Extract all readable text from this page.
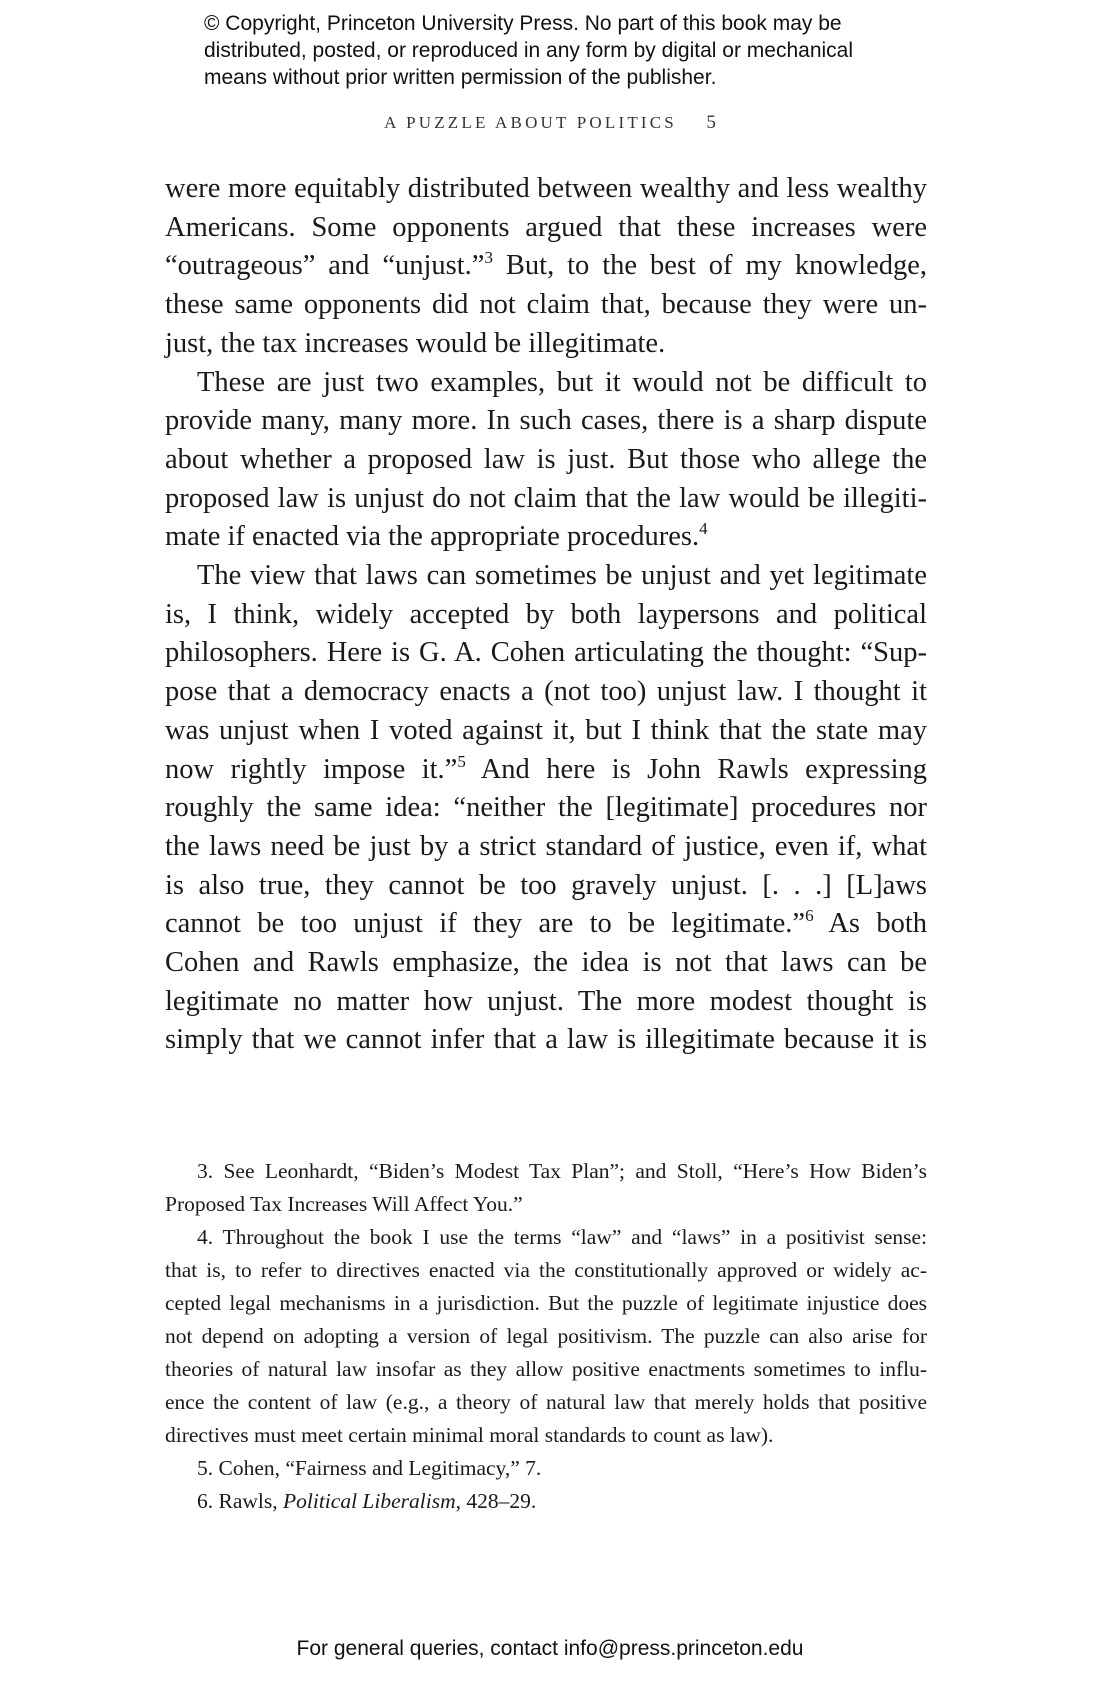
© Copyright, Princeton University Press. No part of this book may be
distributed, posted, or reproduced in any form by digital or mechanical
means without prior written permission of the publisher.
A PUZZLE ABOUT POLITICS 5
were more equitably distributed between wealthy and less wealthy
Americans. Some opponents argued that these increases were
“outrageous” and “unjust.”$^3$ But, to the best of my knowledge,
these same opponents did not claim that, because they were un-
just, the tax increases would be illegitimate.
These are just two examples, but it would not be difficult to
provide many, many more. In such cases, there is a sharp dispute
about whether a proposed law is just. But those who allege the
proposed law is unjust do not claim that the law would be illegiti-
mate if enacted via the appropriate procedures.$^4$
The view that laws can sometimes be unjust and yet legitimate
is, I think, widely accepted by both laypersons and political
philosophers. Here is G. A. Cohen articulating the thought: “Sup-
pose that a democracy enacts a (not too) unjust law. I thought it
was unjust when I voted against it, but I think that the state may
now rightly impose it.”$^5$ And here is John Rawls expressing
roughly the same idea: “neither the [legitimate] procedures nor
the laws need be just by a strict standard of justice, even if, what
is also true, they cannot be too gravely unjust. [. . .] [L]aws
cannot be too unjust if they are to be legitimate.”$^6$ As both
Cohen and Rawls emphasize, the idea is not that laws can be
legitimate no matter how unjust. The more modest thought is
simply that we cannot infer that a law is illegitimate because it is
3. See Leonhardt, “Biden’s Modest Tax Plan”; and Stoll, “Here’s How Biden’s
Proposed Tax Increases Will Affect You.”
4. Throughout the book I use the terms “law” and “laws” in a positivist sense:
that is, to refer to directives enacted via the constitutionally approved or widely ac-
cepted legal mechanisms in a jurisdiction. But the puzzle of legitimate injustice does
not depend on adopting a version of legal positivism. The puzzle can also arise for
theories of natural law insofar as they allow positive enactments sometimes to influ-
ence the content of law (e.g., a theory of natural law that merely holds that positive
directives must meet certain minimal moral standards to count as law).
5. Cohen, “Fairness and Legitimacy,” 7.
6. Rawls, Political Liberalism, 428–29.
For general queries, contact info@press.princeton.edu
